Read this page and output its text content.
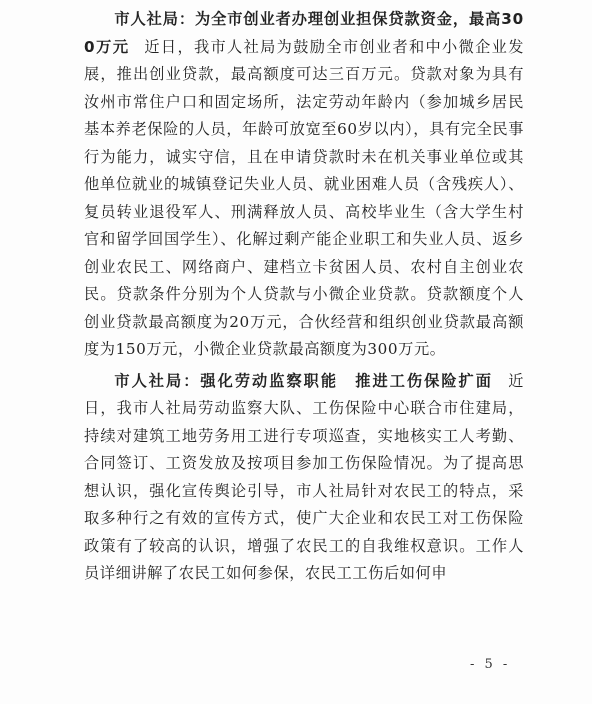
市人社局：为全市创业者办理创业担保贷款资金，最高300万元 近日，我市人社局为鼓励全市创业者和中小微企业发展，推出创业贷款，最高额度可达三百万元。贷款对象为具有汝州市常住户口和固定场所，法定劳动年龄内（参加城乡居民基本养老保险的人员，年龄可放宽至60岁以内），具有完全民事行为能力，诚实守信，且在申请贷款时未在机关事业单位或其他单位就业的城镇登记失业人员、就业困难人员（含残疾人）、复员转业退役军人、刑满释放人员、高校毕业生（含大学生村官和留学回国学生）、化解过剩产能企业职工和失业人员、返乡创业农民工、网络商户、建档立卡贫困人员、农村自主创业农民。贷款条件分别为个人贷款与小微企业贷款。贷款额度个人创业贷款最高额度为20万元，合伙经营和组织创业贷款最高额度为150万元，小微企业贷款最高额度为300万元。

市人社局：强化劳动监察职能　推进工伤保险扩面 近日，我市人社局劳动监察大队、工伤保险中心联合市住建局，持续对建筑工地劳务用工进行专项巡查，实地核实工人考勤、合同签订、工资发放及按项目参加工伤保险情况。为了提高思想认识，强化宣传舆论引导，市人社局针对农民工的特点，采取多种行之有效的宣传方式，使广大企业和农民工对工伤保险政策有了较高的认识，增强了农民工的自我维权意识。工作人员详细讲解了农民工如何参保，农民工工伤后如何申

- 5 -
